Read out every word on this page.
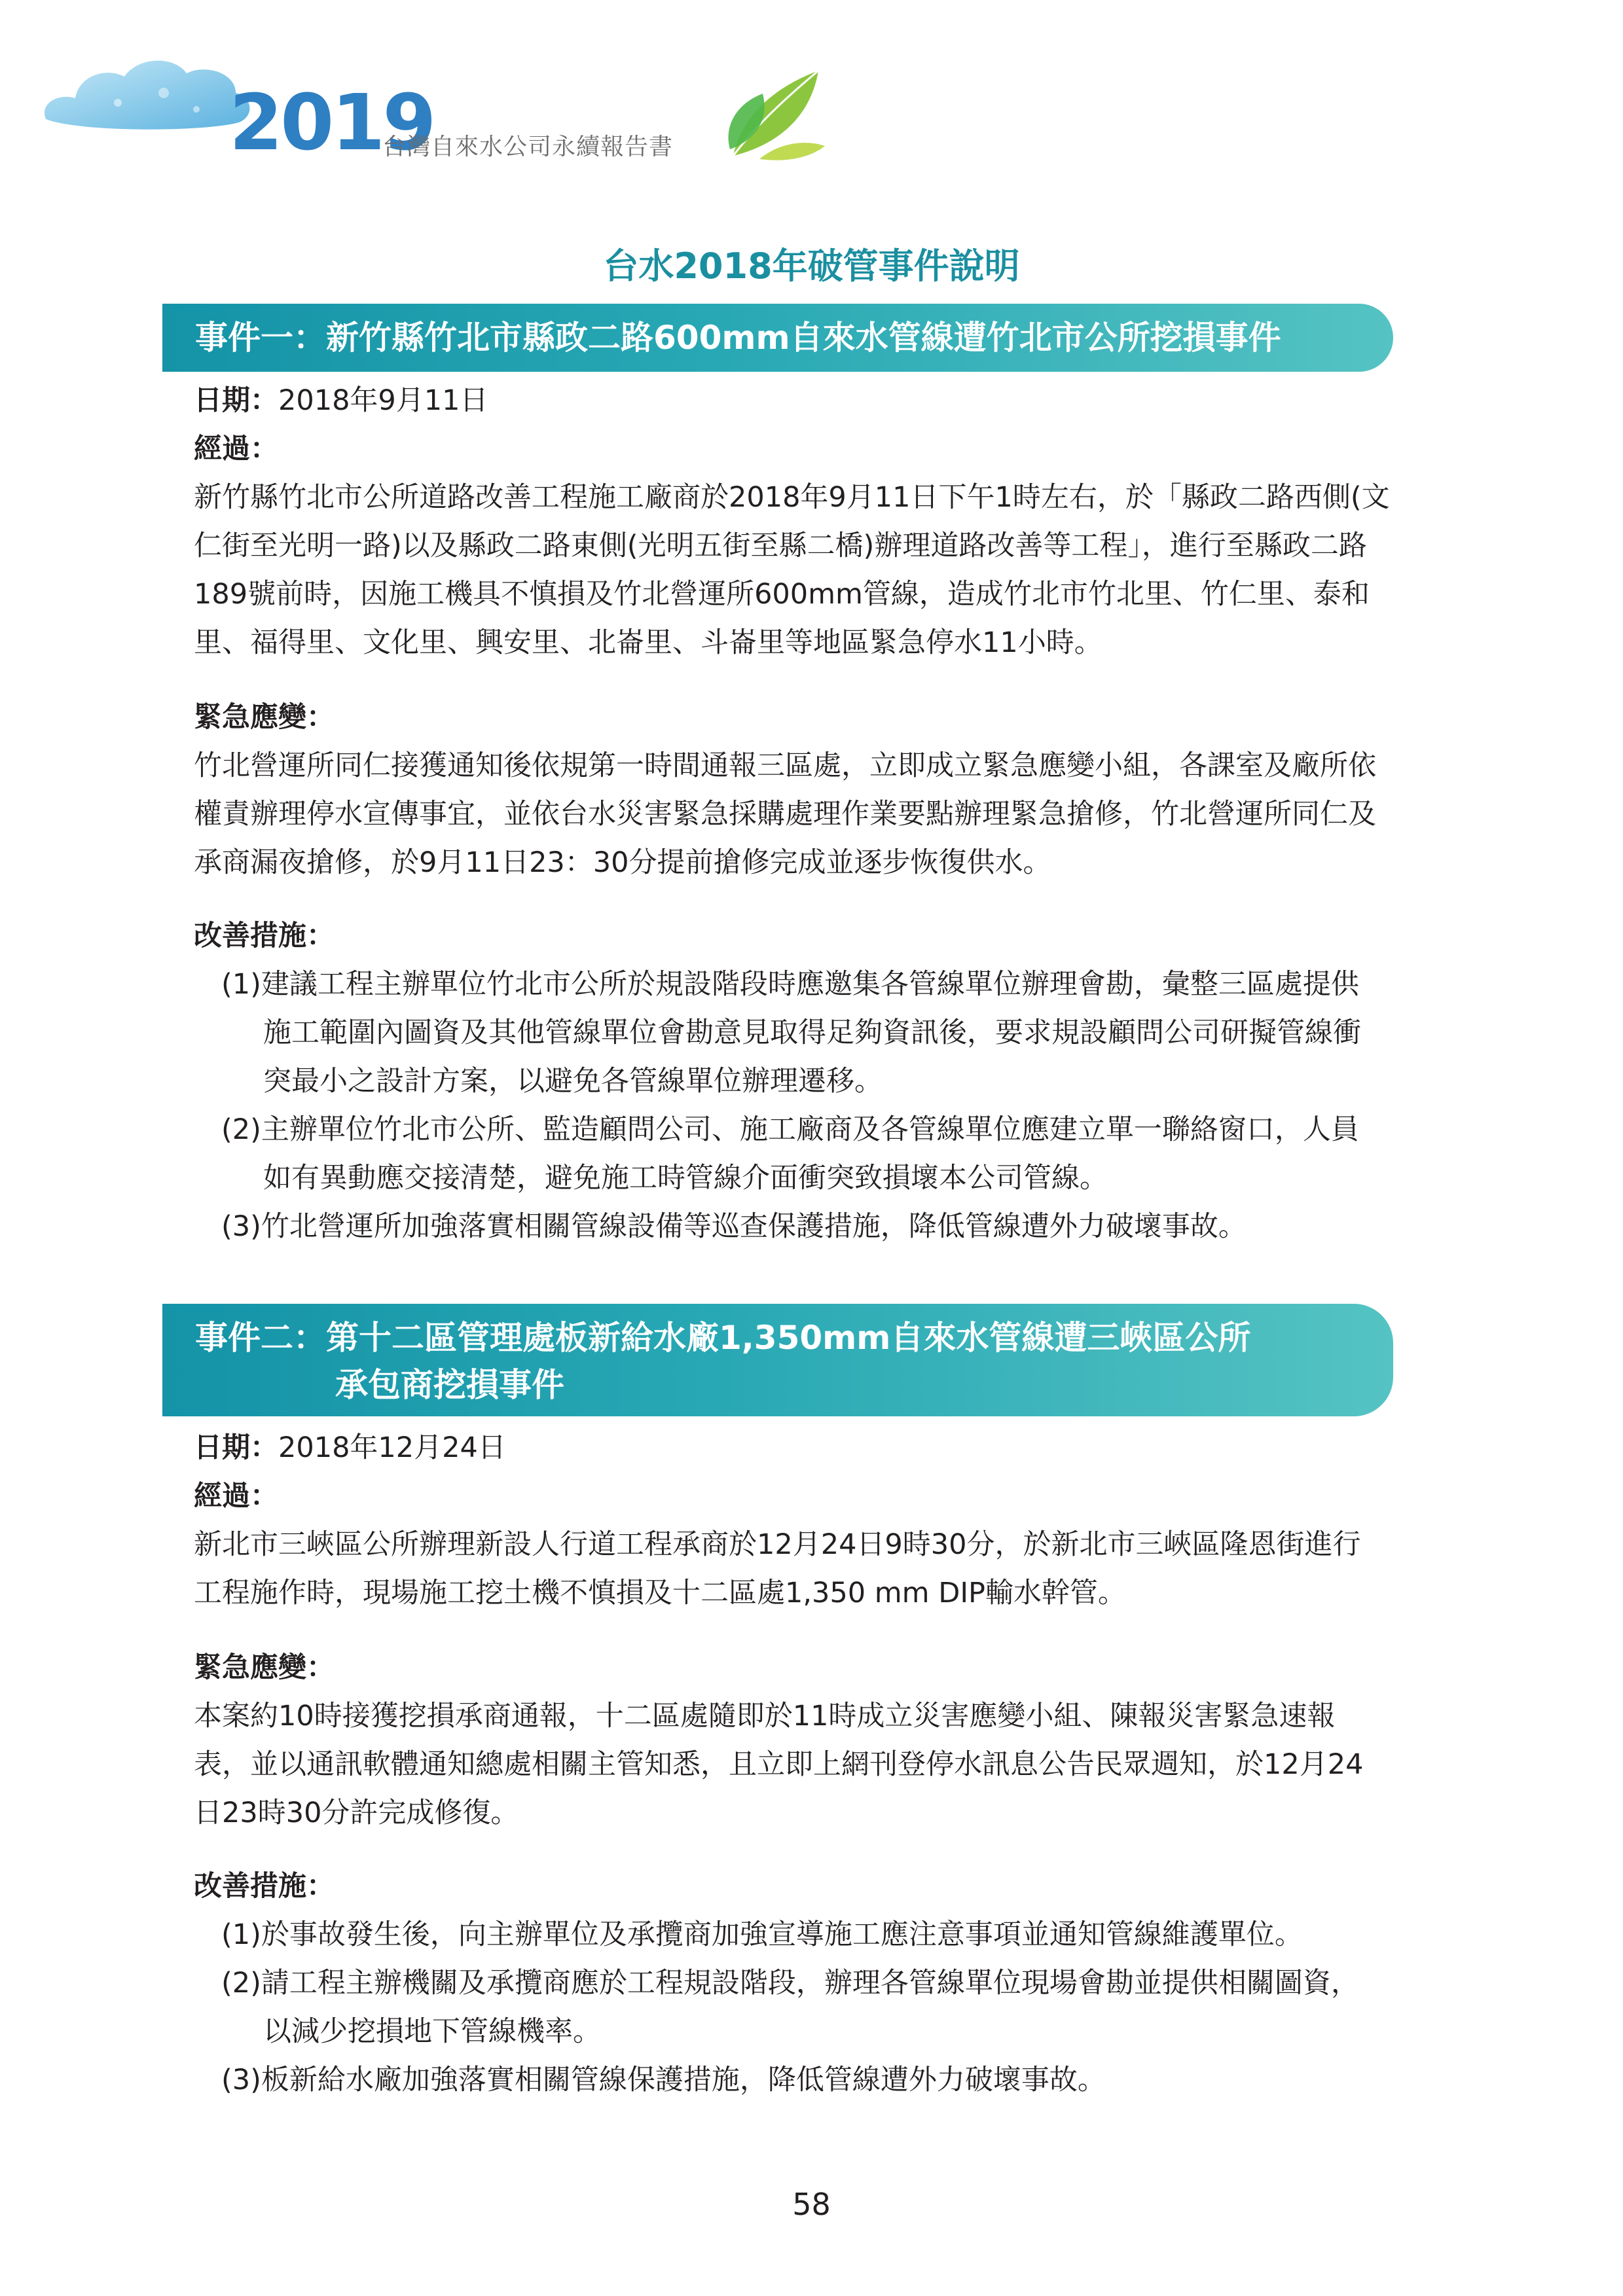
2019
台灣自來水公司永續報告書
台水2018年破管事件說明
事件一：新竹縣竹北市縣政二路600mm自來水管線遭竹北市公所挖損事件
日期：2018年9月11日
經過：
新竹縣竹北市公所道路改善工程施工廠商於2018年9月11日下午1時左右，於「縣政二路西側(文
仁街至光明一路)以及縣政二路東側(光明五街至縣二橋)辦理道路改善等工程」，進行至縣政二路
189號前時，因施工機具不慎損及竹北營運所600mm管線，造成竹北市竹北里、竹仁里、泰和
里、福得里、文化里、興安里、北崙里、斗崙里等地區緊急停水11小時。
緊急應變：
竹北營運所同仁接獲通知後依規第一時間通報三區處，立即成立緊急應變小組，各課室及廠所依
權責辦理停水宣傳事宜，並依台水災害緊急採購處理作業要點辦理緊急搶修，竹北營運所同仁及
承商漏夜搶修，於9月11日23：30分提前搶修完成並逐步恢復供水。
改善措施：
(1)建議工程主辦單位竹北市公所於規設階段時應邀集各管線單位辦理會勘，彙整三區處提供
施工範圍內圖資及其他管線單位會勘意見取得足夠資訊後，要求規設顧問公司研擬管線衝
突最小之設計方案，以避免各管線單位辦理遷移。
(2)主辦單位竹北市公所、監造顧問公司、施工廠商及各管線單位應建立單一聯絡窗口，人員
如有異動應交接清楚，避免施工時管線介面衝突致損壞本公司管線。
(3)竹北營運所加強落實相關管線設備等巡查保護措施，降低管線遭外力破壞事故。
事件二：第十二區管理處板新給水廠1,350mm自來水管線遭三峽區公所
承包商挖損事件
日期：2018年12月24日
經過：
新北市三峽區公所辦理新設人行道工程承商於12月24日9時30分，於新北市三峽區隆恩街進行
工程施作時，現場施工挖土機不慎損及十二區處1,350 mm DIP輸水幹管。
緊急應變：
本案約10時接獲挖損承商通報，十二區處隨即於11時成立災害應變小組、陳報災害緊急速報
表，並以通訊軟體通知總處相關主管知悉，且立即上網刊登停水訊息公告民眾週知，於12月24
日23時30分許完成修復。
改善措施：
(1)於事故發生後，向主辦單位及承攬商加強宣導施工應注意事項並通知管線維護單位。
(2)請工程主辦機關及承攬商應於工程規設階段，辦理各管線單位現場會勘並提供相關圖資，
以減少挖損地下管線機率。
(3)板新給水廠加強落實相關管線保護措施，降低管線遭外力破壞事故。
58
